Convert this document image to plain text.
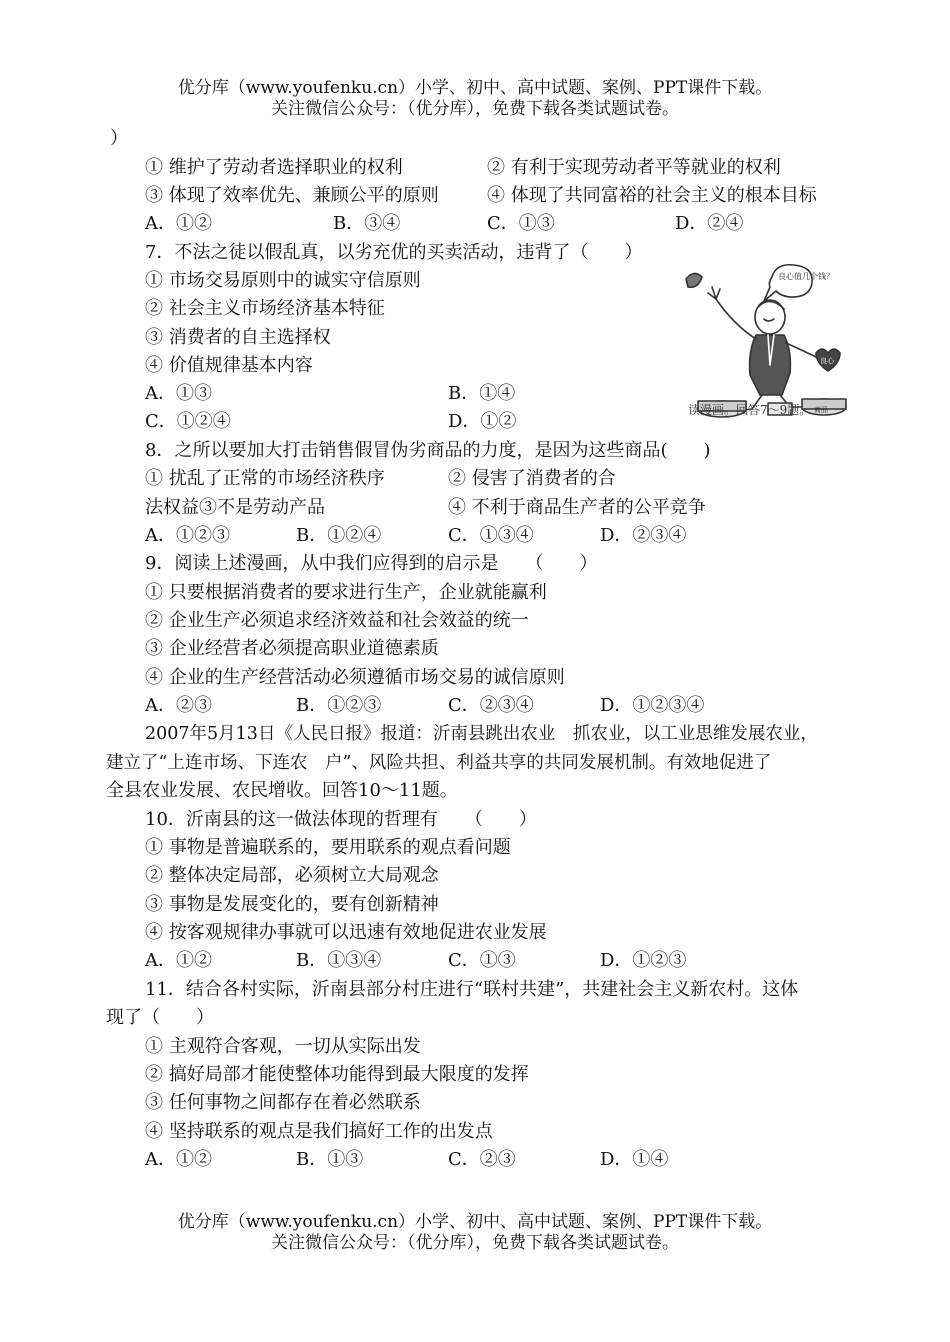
优分库（www.youfenku.cn）小学、初中、高中试题、案例、PPT课件下载。
关注微信公众号：（优分库），免费下载各类试题试卷。
）
① 维护了劳动者选择职业的权利	② 有利于实现劳动者平等就业的权利
③ 体现了效率优先、兼顾公平的原则	④ 体现了共同富裕的社会主义的根本目标
A．①②	B．③④	C．①③	D．②④
7．不法之徒以假乱真，以劣充优的买卖活动，违背了（　　）
① 市场交易原则中的诚实守信原则
② 社会主义市场经济基本特征
③ 消费者的自主选择权
④ 价值规律基本内容
A．①③	B．①④
C．①②④	D．①②
良心值几个钱？
良心
商品
读漫画。回答7～9题。
8．之所以要加大打击销售假冒伪劣商品的力度，是因为这些商品(　　)
① 扰乱了正常的市场经济秩序	② 侵害了消费者的合
法权益③不是劳动产品	④ 不利于商品生产者的公平竞争
A．①②③	B．①②④	C．①③④	D．②③④
9．阅读上述漫画，从中我们应得到的启示是　　（　　）
① 只要根据消费者的要求进行生产，企业就能赢利
② 企业生产必须追求经济效益和社会效益的统一
③ 企业经营者必须提高职业道德素质
④ 企业的生产经营活动必须遵循市场交易的诚信原则
A．②③	B．①②③	C．②③④	D．①②③④
2007年5月13日《人民日报》报道：沂南县跳出农业　抓农业，以工业思维发展农业，
建立了“上连市场、下连农　户”、风险共担、利益共享的共同发展机制。有效地促进了
全县农业发展、农民增收。回答10～11题。
10．沂南县的这一做法体现的哲理有　　（　　）
① 事物是普遍联系的，要用联系的观点看问题
② 整体决定局部，必须树立大局观念
③ 事物是发展变化的，要有创新精神
④ 按客观规律办事就可以迅速有效地促进农业发展
A．①②	B．①③④	C．①③	D．①②③
11．结合各村实际，沂南县部分村庄进行“联村共建”，共建社会主义新农村。这体
现了（　　）
① 主观符合客观，一切从实际出发
② 搞好局部才能使整体功能得到最大限度的发挥
③ 任何事物之间都存在着必然联系
④ 坚持联系的观点是我们搞好工作的出发点
A．①②	B．①③	C．②③	D．①④
优分库（www.youfenku.cn）小学、初中、高中试题、案例、PPT课件下载。
关注微信公众号：（优分库），免费下载各类试题试卷。
